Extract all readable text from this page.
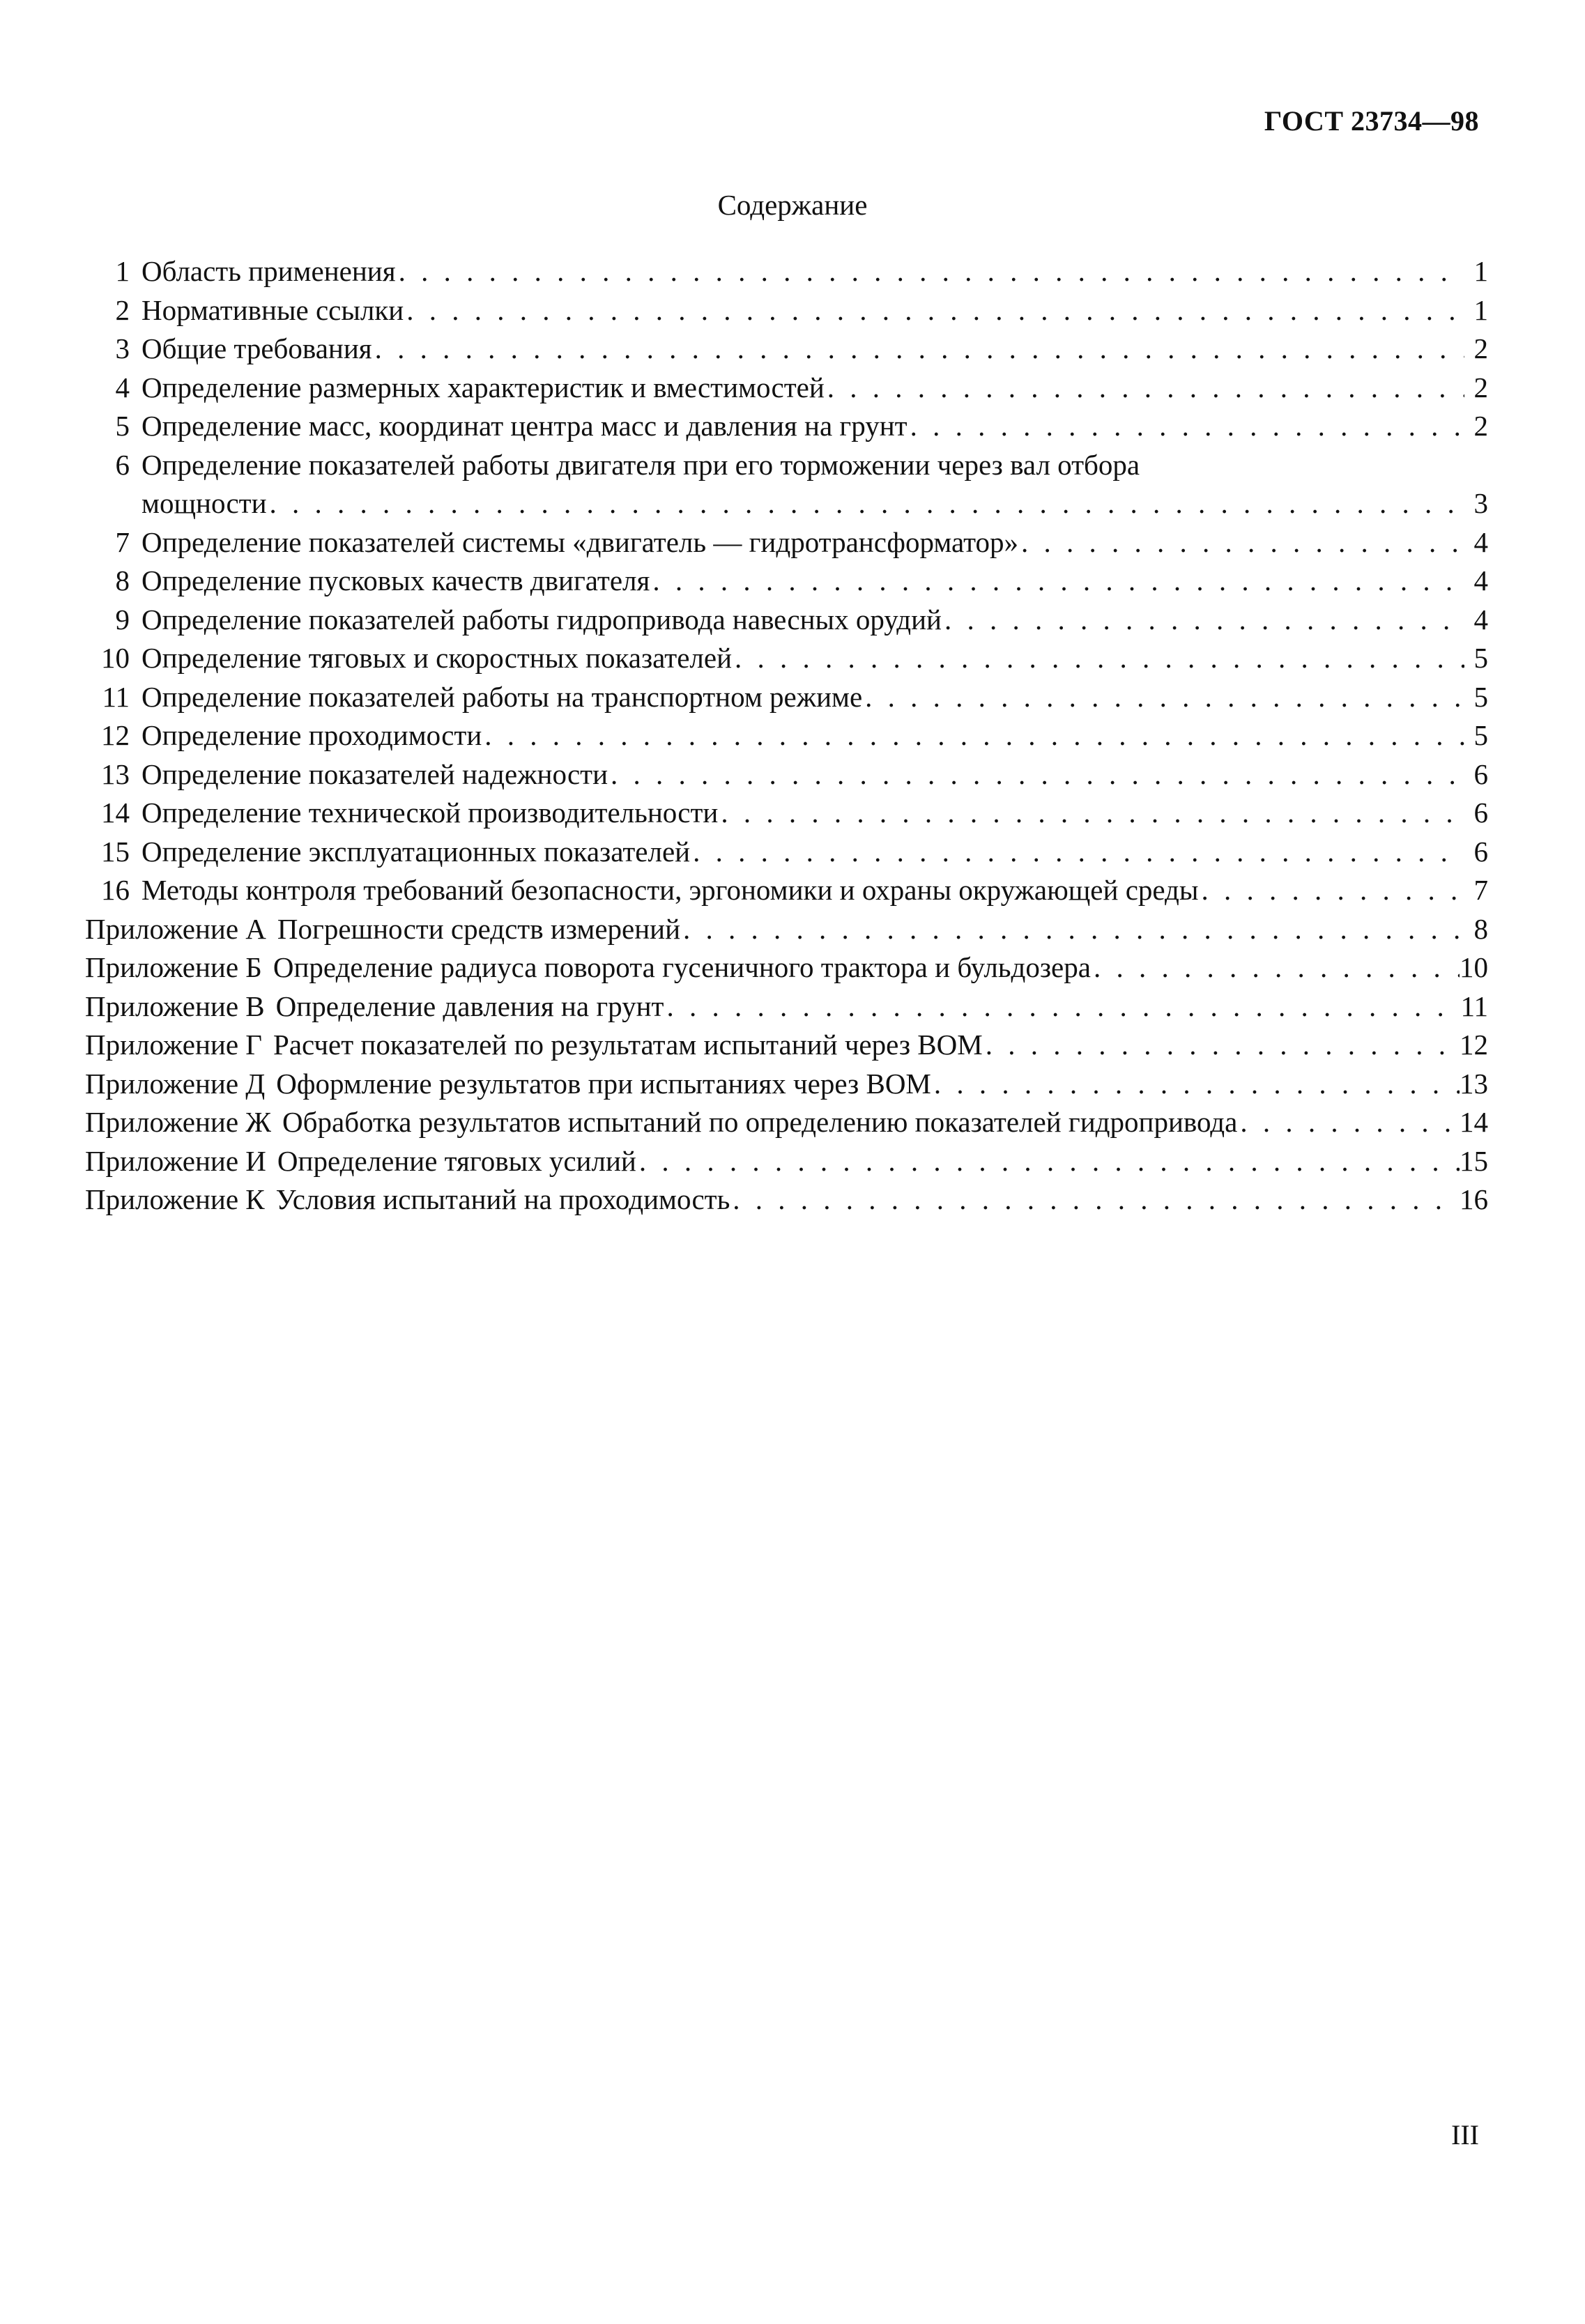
ГОСТ 23734—98
Содержание
1 Область применения . . .	1
2 Нормативные ссылки . . .	1
3 Общие требования . . .	2
4 Определение размерных характеристик и вместимостей . . .	2
5 Определение масс, координат центра масс и давления на грунт . . .	2
6 Определение показателей работы двигателя при его торможении через вал отбора
мощности . . .	3
7 Определение показателей системы «двигатель — гидротрансформатор» . . .	4
8 Определение пусковых качеств двигателя . . .	4
9 Определение показателей работы гидропривода навесных орудий . . .	4
10 Определение тяговых и скоростных показателей . . .	5
11 Определение показателей работы на транспортном режиме . . .	5
12 Определение проходимости . . .	5
13 Определение показателей надежности . . .	6
14 Определение технической производительности . . .	6
15 Определение эксплуатационных показателей . . .	6
16 Методы контроля требований безопасности, эргономики и охраны окружающей среды . . .	7
Приложение А Погрешности средств измерений . . .	8
Приложение Б Определение радиуса поворота гусеничного трактора и бульдозера . . .	10
Приложение В Определение давления на грунт . . .	11
Приложение Г Расчет показателей по результатам испытаний через ВОМ . . .	12
Приложение Д Оформление результатов при испытаниях через ВОМ . . .	13
Приложение Ж Обработка результатов испытаний по определению показателей гидропривода . . .	14
Приложение И Определение тяговых усилий . . .	15
Приложение К Условия испытаний на проходимость . . .	16
III
